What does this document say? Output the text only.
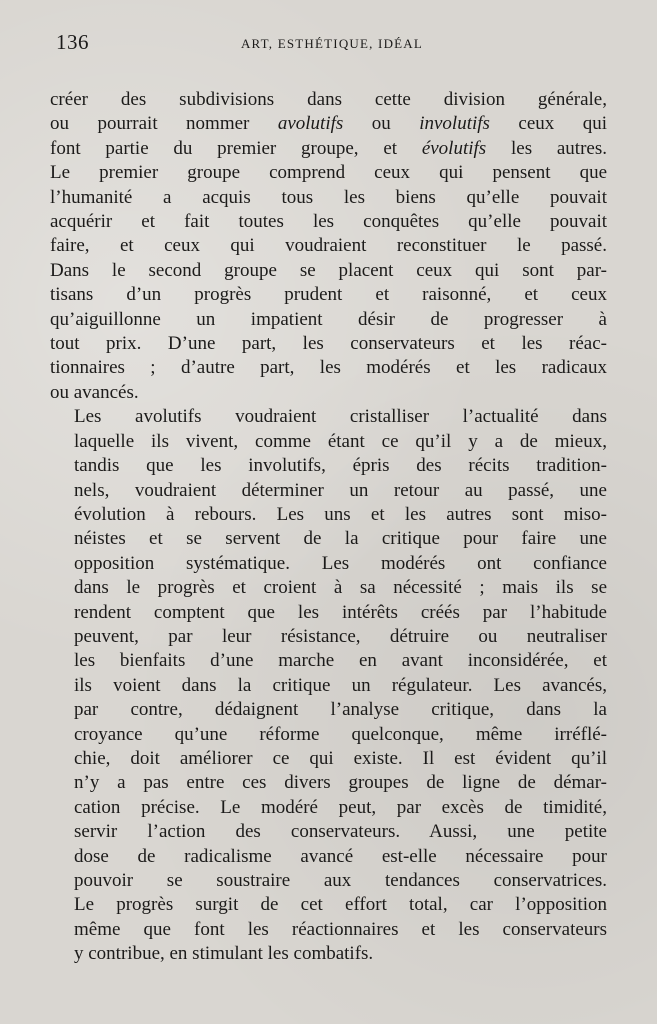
136	ART, ESTHÉTIQUE, IDÉAL

créer des subdivisions dans cette division générale,
ou pourrait nommer avolutifs ou involutifs ceux qui
font partie du premier groupe, et évolutifs les autres.
Le premier groupe comprend ceux qui pensent que
l’humanité a acquis tous les biens qu’elle pouvait
acquérir et fait toutes les conquêtes qu’elle pouvait
faire, et ceux qui voudraient reconstituer le passé.
Dans le second groupe se placent ceux qui sont par-
tisans d’un progrès prudent et raisonné, et ceux
qu’aiguillonne un impatient désir de progresser à
tout prix. D’une part, les conservateurs et les réac-
tionnaires ; d’autre part, les modérés et les radicaux
ou avancés.

Les avolutifs voudraient cristalliser l’actualité dans
laquelle ils vivent, comme étant ce qu’il y a de mieux,
tandis que les involutifs, épris des récits tradition-
nels, voudraient déterminer un retour au passé, une
évolution à rebours. Les uns et les autres sont miso-
néistes et se servent de la critique pour faire une
opposition systématique. Les modérés ont confiance
dans le progrès et croient à sa nécessité ; mais ils se
rendent comptent que les intérêts créés par l’habitude
peuvent, par leur résistance, détruire ou neutraliser
les bienfaits d’une marche en avant inconsidérée, et
ils voient dans la critique un régulateur. Les avancés,
par contre, dédaignent l’analyse critique, dans la
croyance qu’une réforme quelconque, même irréflé-
chie, doit améliorer ce qui existe. Il est évident qu’il
n’y a pas entre ces divers groupes de ligne de démar-
cation précise. Le modéré peut, par excès de timidité,
servir l’action des conservateurs. Aussi, une petite
dose de radicalisme avancé est-elle nécessaire pour
pouvoir se soustraire aux tendances conservatrices.
Le progrès surgit de cet effort total, car l’opposition
même que font les réactionnaires et les conservateurs
y contribue, en stimulant les combatifs.
